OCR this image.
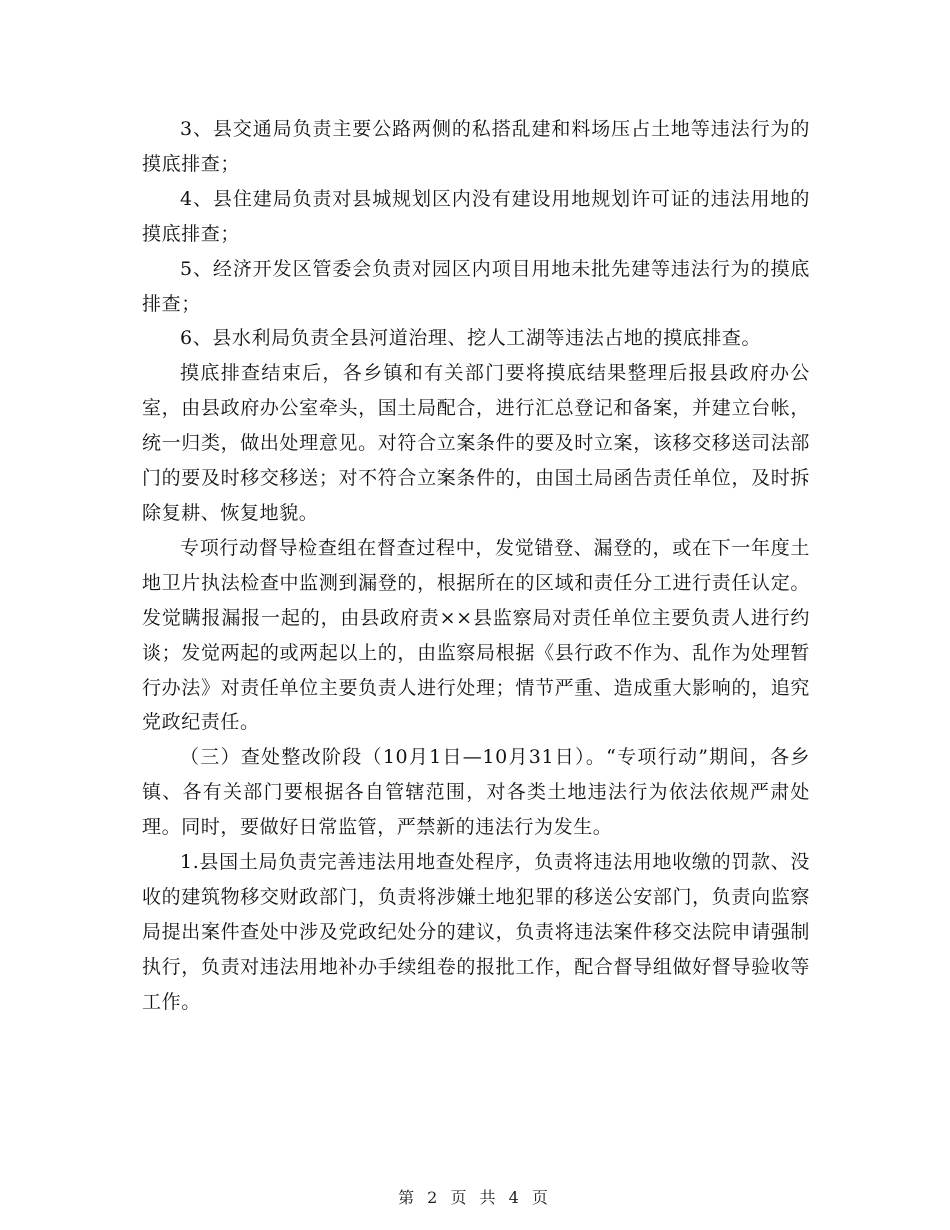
3、县交通局负责主要公路两侧的私搭乱建和料场压占土地等违法行为的摸底排查；

4、县住建局负责对县城规划区内没有建设用地规划许可证的违法用地的摸底排查；

5、经济开发区管委会负责对园区内项目用地未批先建等违法行为的摸底排查；

6、县水利局负责全县河道治理、挖人工湖等违法占地的摸底排查。

摸底排查结束后，各乡镇和有关部门要将摸底结果整理后报县政府办公室，由县政府办公室牵头，国土局配合，进行汇总登记和备案，并建立台帐，统一归类，做出处理意见。对符合立案条件的要及时立案，该移交移送司法部门的要及时移交移送；对不符合立案条件的，由国土局函告责任单位，及时拆除复耕、恢复地貌。

专项行动督导检查组在督查过程中，发觉错登、漏登的，或在下一年度土地卫片执法检查中监测到漏登的，根据所在的区域和责任分工进行责任认定。发觉瞒报漏报一起的，由县政府责××县监察局对责任单位主要负责人进行约谈；发觉两起的或两起以上的，由监察局根据《县行政不作为、乱作为处理暂行办法》对责任单位主要负责人进行处理；情节严重、造成重大影响的，追究党政纪责任。

（三）查处整改阶段（10月1日—10月31日）。“专项行动”期间，各乡镇、各有关部门要根据各自管辖范围，对各类土地违法行为依法依规严肃处理。同时，要做好日常监管，严禁新的违法行为发生。

1.县国土局负责完善违法用地查处程序，负责将违法用地收缴的罚款、没收的建筑物移交财政部门，负责将涉嫌土地犯罪的移送公安部门，负责向监察局提出案件查处中涉及党政纪处分的建议，负责将违法案件移交法院申请强制执行，负责对违法用地补办手续组卷的报批工作，配合督导组做好督导验收等工作。

第 2 页 共 4 页
